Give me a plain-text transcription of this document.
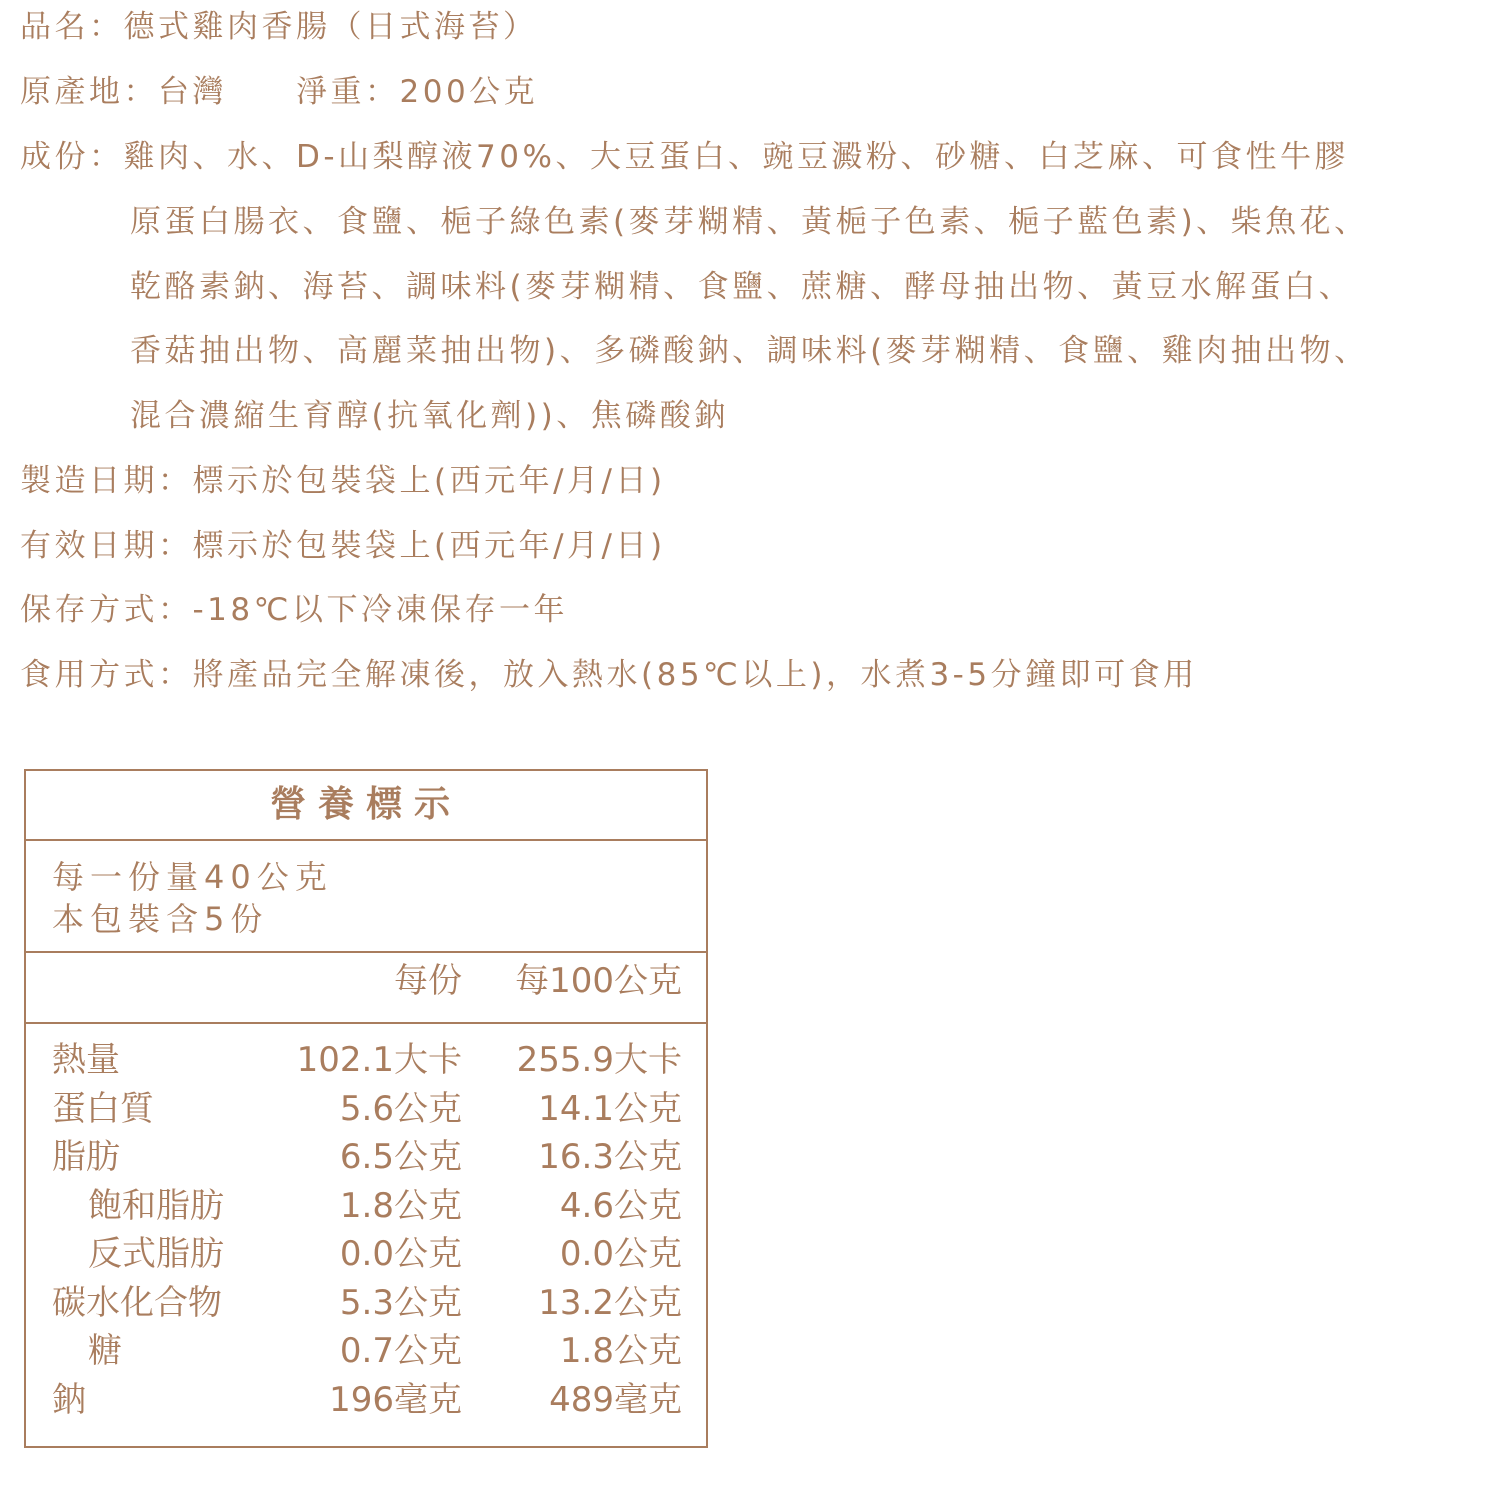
品名：德式雞肉香腸（日式海苔）
原產地：台灣　　淨重：200公克
成份：雞肉、水、D-山梨醇液70%、大豆蛋白、豌豆澱粉、砂糖、白芝麻、可食性牛膠
原蛋白腸衣、食鹽、梔子綠色素(麥芽糊精、黃梔子色素、梔子藍色素)、柴魚花、
乾酪素鈉、海苔、調味料(麥芽糊精、食鹽、蔗糖、酵母抽出物、黃豆水解蛋白、
香菇抽出物、高麗菜抽出物)、多磷酸鈉、調味料(麥芽糊精、食鹽、雞肉抽出物、
混合濃縮生育醇(抗氧化劑))、焦磷酸鈉
製造日期：標示於包裝袋上(西元年/月/日)
有效日期：標示於包裝袋上(西元年/月/日)
保存方式：-18℃以下冷凍保存一年
食用方式：將產品完全解凍後，放入熱水(85℃以上)，水煮3-5分鐘即可食用
營養標示
每一份量40公克
本包裝含5份
每份 每100公克
熱量	102.1大卡 255.9大卡
蛋白質	5.6公克 14.1公克
脂肪	6.5公克 16.3公克
飽和脂肪	1.8公克	4.6公克
反式脂肪	0.0公克	0.0公克
碳水化合物	5.3公克 13.2公克
糖	0.7公克	1.8公克
鈉	196毫克	489毫克
